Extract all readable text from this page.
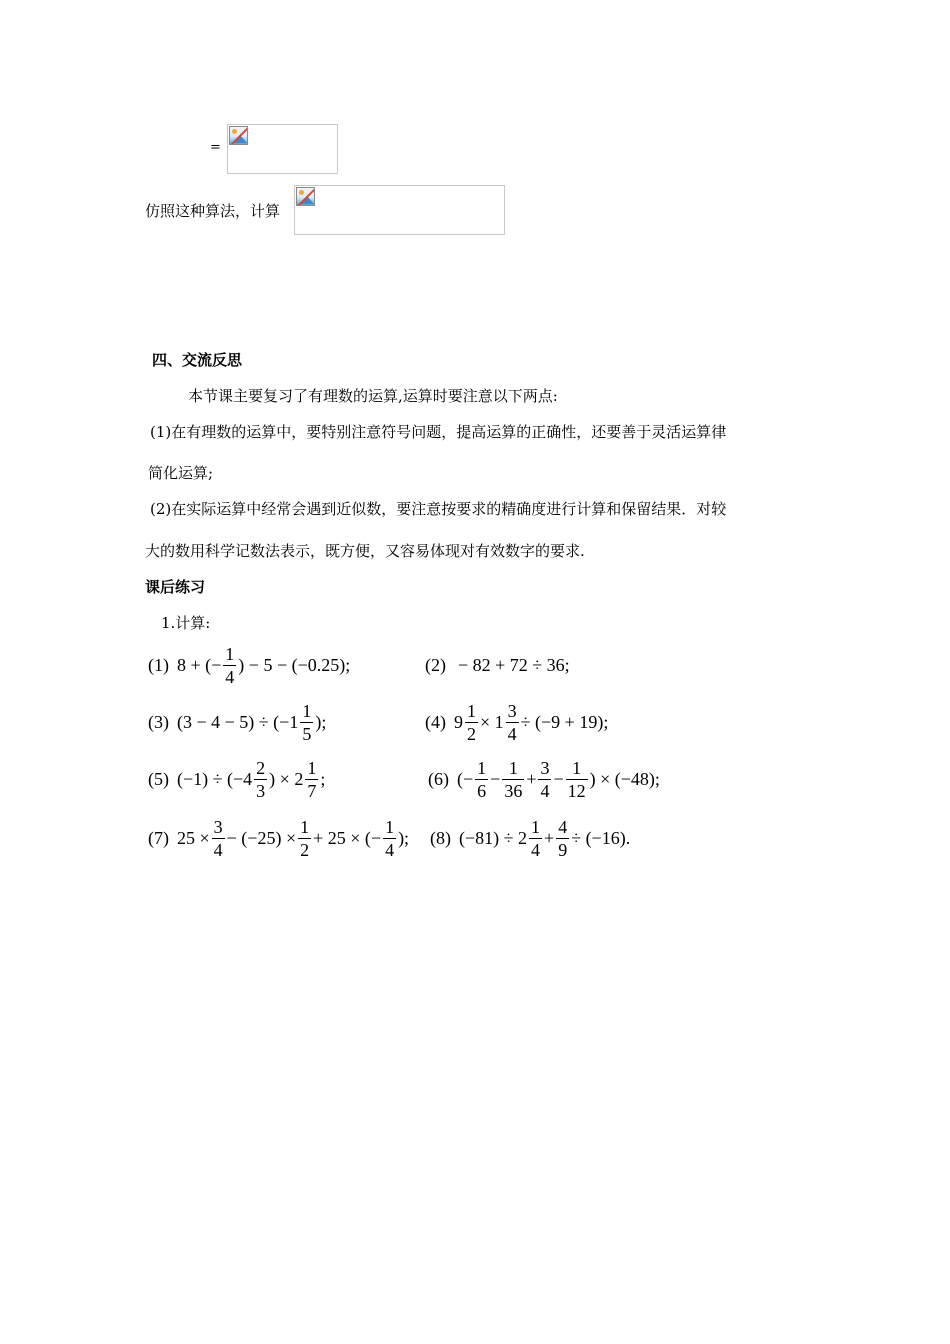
=
仿照这种算法，计算
四、交流反思
本节课主要复习了有理数的运算,运算时要注意以下两点:
(1)在有理数的运算中，要特别注意符号问题，提高运算的正确性，还要善于灵活运算律
简化运算;
(2)在实际运算中经常会遇到近似数，要注意按要求的精确度进行计算和保留结果．对较
大的数用科学记数法表示，既方便，又容易体现对有效数字的要求.
课后练习
1.计算:
(1) 8 + (− $\frac{1}{4}$ ) − 5 − (−0.25);	(2) − 82 + 72 ÷ 36;
(3) $(3 - 4 - 5) \div (-1 \frac{1}{5}$ );	(4) $9 \frac{1}{2} \times 1 \frac{3}{4} \div (-9 + 19)$;
(5) $(-1) \div (-4 \frac{2}{3}$ ) × $2 \frac{1}{7}$ ;	(6) (− $\frac{1}{6} - \frac{1}{36} + \frac{3}{4} - \frac{1}{12}$ ) × (−48);
(7) $25 \times \frac{3}{4} - (-25) \times \frac{1}{2} + 25$ × (− $\frac{1}{4}$ ); (8) $(-81) \div 2 \frac{1}{4} + \frac{4}{9} \div (-16)$.
